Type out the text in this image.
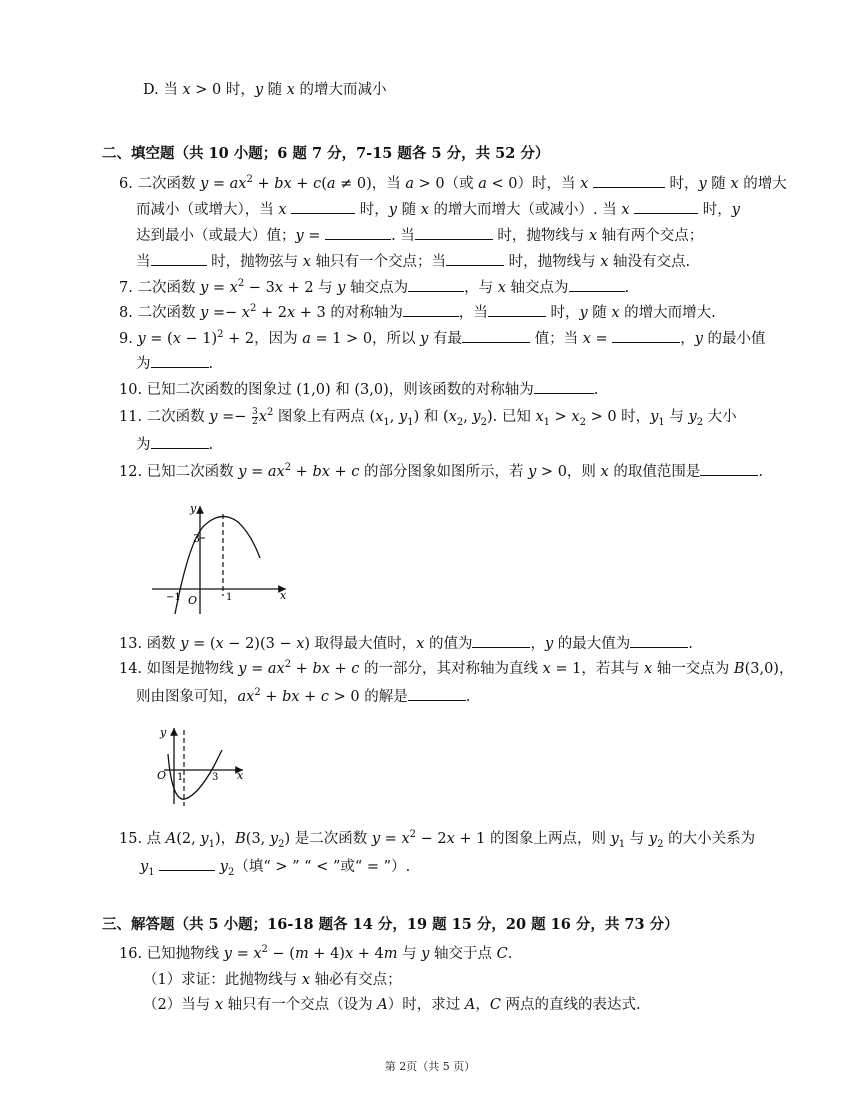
D. 当 x > 0 时，y 随 x 的增大而减小
二、填空题（共 10 小题；6 题 7 分，7-15 题各 5 分，共 52 分）
6. 二次函数 $y = ax^2$ + bx + c(a ≠ 0)，当 a > 0（或 a < 0）时，当 x	时，y 随 x 的增大
而减小（或增大），当 x	时，y 随 x 的增大而增大（或减小）. 当 x	时，y
达到最小（或最大）值；y =	. 当	时，抛物线与 x 轴有两个交点；
当	时，抛物弦与 x 轴只有一个交点；当	时，抛物线与 x 轴没有交点.
7. 二次函数 $y = x^2 - 3x + 2$ 与 y 轴交点为	，与 x 轴交点为	.
8. 二次函数 $y =- x^2 + 2x + 3$ 的对称轴为	，当	时，y 随 x 的增大而增大.
9. $y = (x - 1)^2 + 2$，因为 a = 1 > 0，所以 y 有最	值；当 x =	，y 的最小值
为	.
10. 已知二次函数的图象过 (1,0) 和 (3,0)，则该函数的对称轴为	.
11. 二次函数 $y =- \frac{3}{2} x^2$ 图象上有两点 ($x_1$, $y_1$) 和 ($x_2$, $y_2$). 已知 $x_1 > x_2 > 0$ 时，$y_1$ 与 $y_2$ 大小
为	.
12. 已知二次函数 $y = ax^2$ + bx + c 的部分图象如图所示，若 y > 0，则 x 的取值范围是	.
y
x
3
−1 O	1
13. 函数 y = (x − 2)(3 − x) 取得最大值时，x 的值为	，y 的最大值为	.
14. 如图是抛物线 $y = ax^2$ + bx + c 的一部分，其对称轴为直线 x = 1，若其与 x 轴一交点为 B(3,0)，
则由图象可知，$ax^2$ + bx + c > 0 的解是	.
y
x
O 1	3
15. 点 A(2, $y_1$)，B(3, $y_2$) 是二次函数 $y = x^2 - 2x + 1$ 的图象上两点，则 $y_1$ 与 $y_2$ 的大小关系为
$y_1$	$y_2$（填“ > ” “ < ”或“ = ”）.
三、解答题（共 5 小题；16-18 题各 14 分，19 题 15 分，20 题 16 分，共 73 分）
16. 已知抛物线 $y = x^2 - (m + 4)x + 4m$ 与 y 轴交于点 C.
（1）求证：此抛物线与 x 轴必有交点；
（2）当与 x 轴只有一个交点（设为 A）时，求过 A，C 两点的直线的表达式.
第 2页（共 5 页）
